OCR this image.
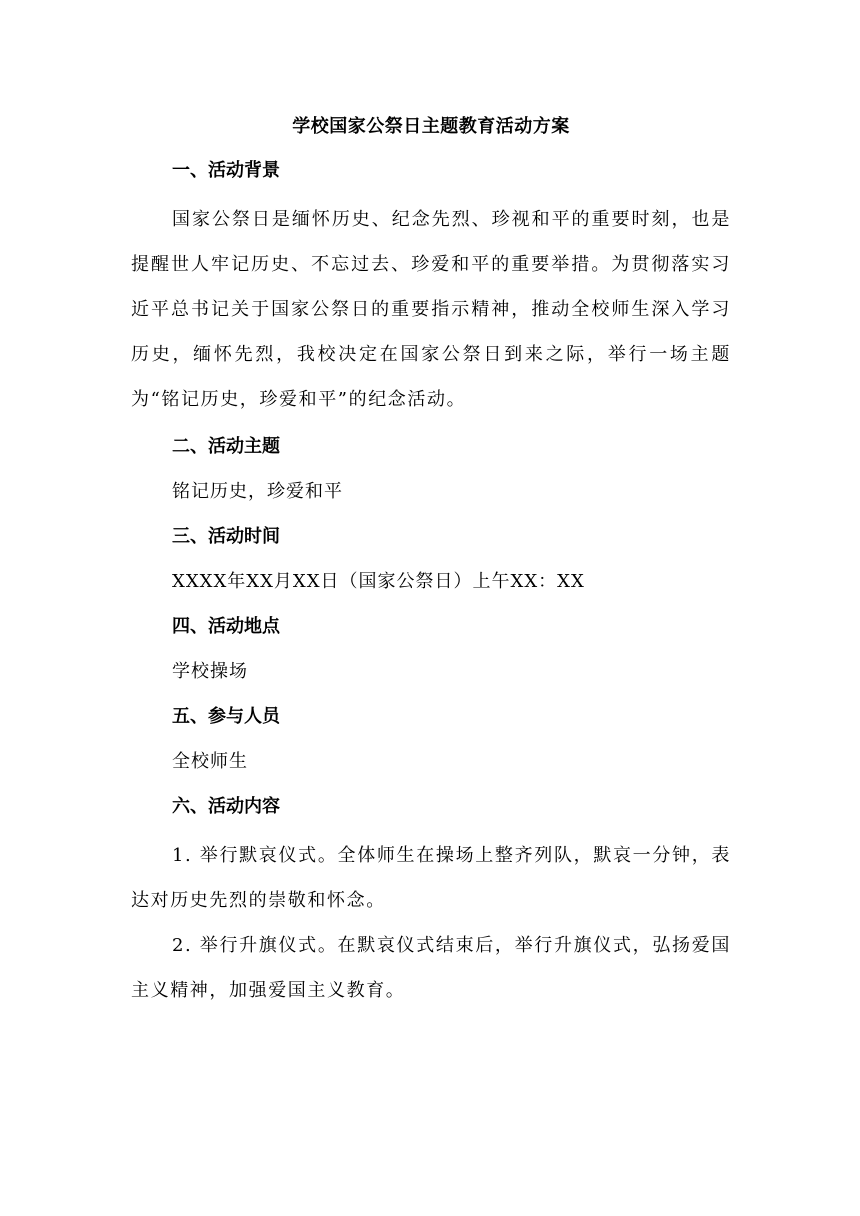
学校国家公祭日主题教育活动方案
一、活动背景

国家公祭日是缅怀历史、纪念先烈、珍视和平的重要时刻，也是提醒世人牢记历史、不忘过去、珍爱和平的重要举措。为贯彻落实习近平总书记关于国家公祭日的重要指示精神，推动全校师生深入学习历史，缅怀先烈，我校决定在国家公祭日到来之际，举行一场主题为“铭记历史，珍爱和平”的纪念活动。

二、活动主题
铭记历史，珍爱和平
三、活动时间
XXXX年XX月XX日（国家公祭日）上午XX：XX
四、活动地点
学校操场
五、参与人员
全校师生
六、活动内容

1. 举行默哀仪式。全体师生在操场上整齐列队，默哀一分钟，表达对历史先烈的崇敬和怀念。

2. 举行升旗仪式。在默哀仪式结束后，举行升旗仪式，弘扬爱国主义精神，加强爱国主义教育。
